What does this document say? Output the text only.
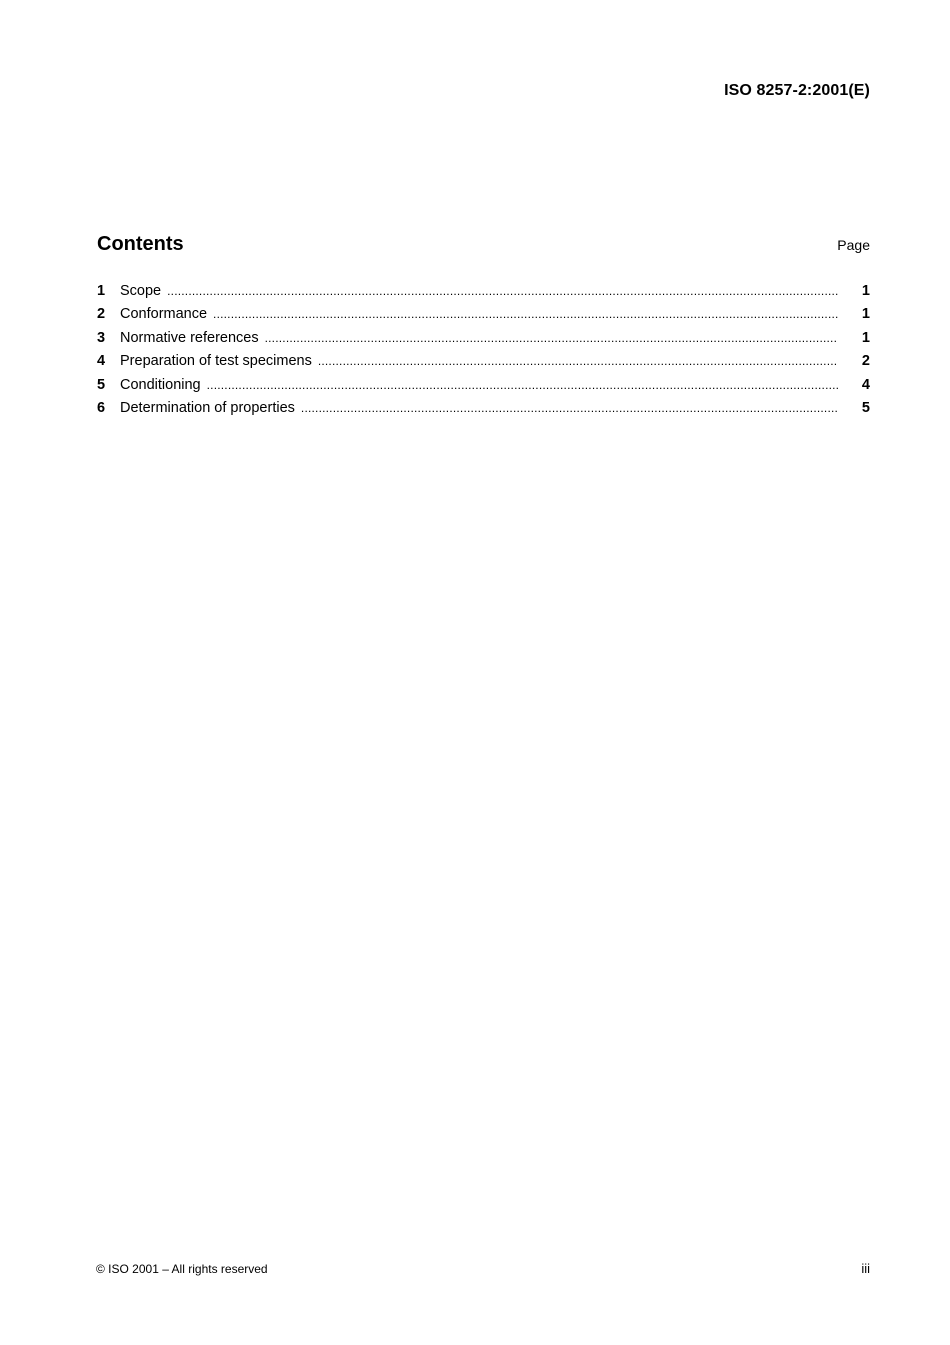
ISO 8257-2:2001(E)
Contents	Page
1	Scope .....	1
2	Conformance .....	1
3	Normative references .....	1
4	Preparation of test specimens .....	2
5	Conditioning .....	4
6	Determination of properties .....	5
© ISO 2001 – All rights reserved	iii
